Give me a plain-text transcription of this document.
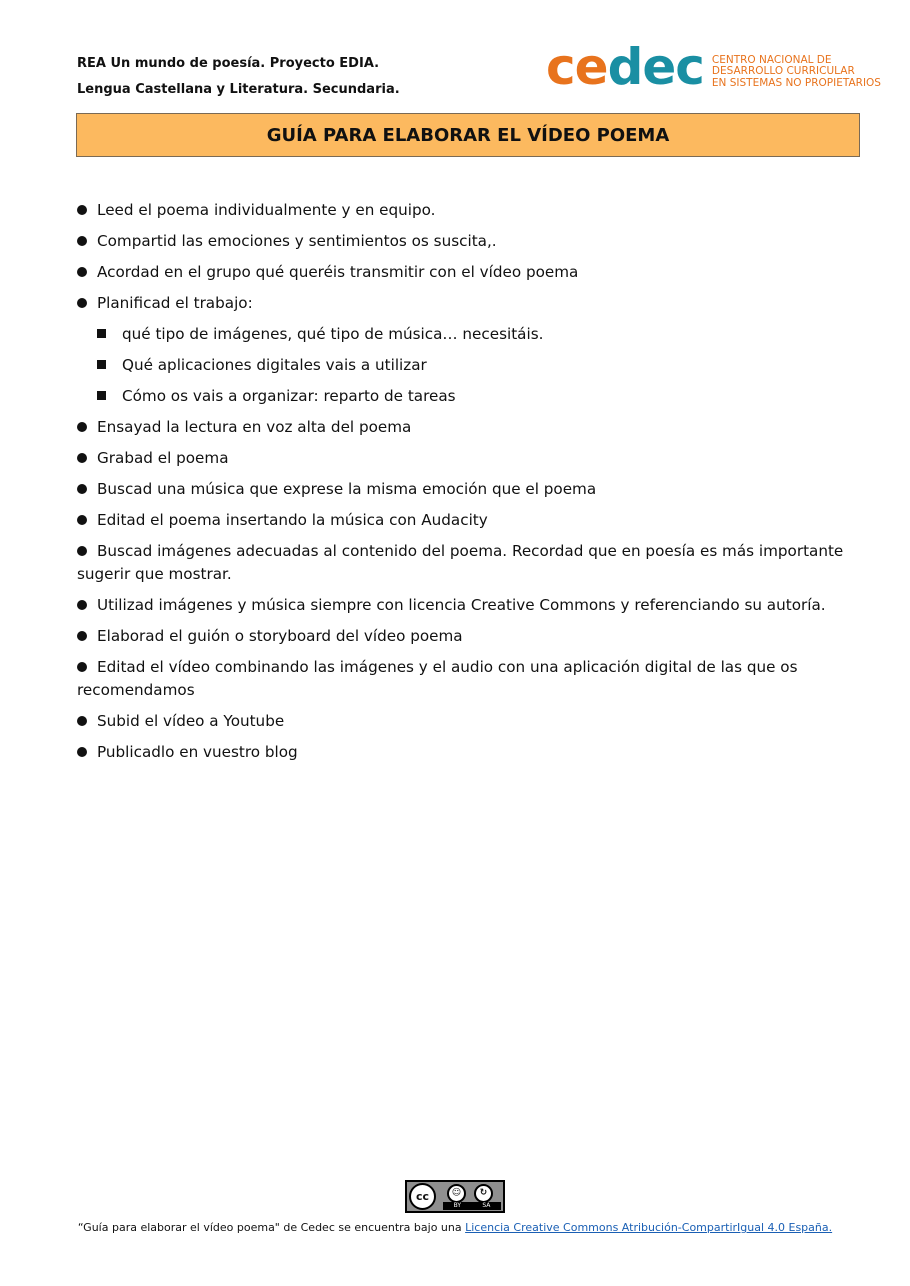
REA Un mundo de poesía. Proyecto EDIA.
Lengua Castellana y Literatura. Secundaria.	cedec CENTRO NACIONAL DE
DESARROLLO CURRICULAR
EN SISTEMAS NO PROPIETARIOS
GUÍA PARA ELABORAR EL VÍDEO POEMA
Leed el poema individualmente y en equipo.
Compartid las emociones y sentimientos os suscita,.
Acordad en el grupo qué queréis transmitir con el vídeo poema
Planificad el trabajo:
qué tipo de imágenes, qué tipo de música… necesitáis.
Qué aplicaciones digitales vais a utilizar
Cómo os vais a organizar: reparto de tareas
Ensayad la lectura en voz alta del poema
Grabad el poema
Buscad una música que exprese la misma emoción que el poema
Editad el poema insertando la música con Audacity
Buscad imágenes adecuadas al contenido del poema. Recordad que en poesía es más importante sugerir que mostrar.
Utilizad imágenes y música siempre con licencia Creative Commons y referenciando su autoría.
Elaborad el guión o storyboard del vídeo poema
Editad el vídeo combinando las imágenes y el audio con una aplicación digital de las que os recomendamos
Subid el vídeo a Youtube
Publicadlo en vuestro blog
cc	☺	↻
BY	SA
“Guía para elaborar el vídeo poema" de Cedec se encuentra bajo una Licencia Creative Commons Atribución-CompartirIgual 4.0 España.
